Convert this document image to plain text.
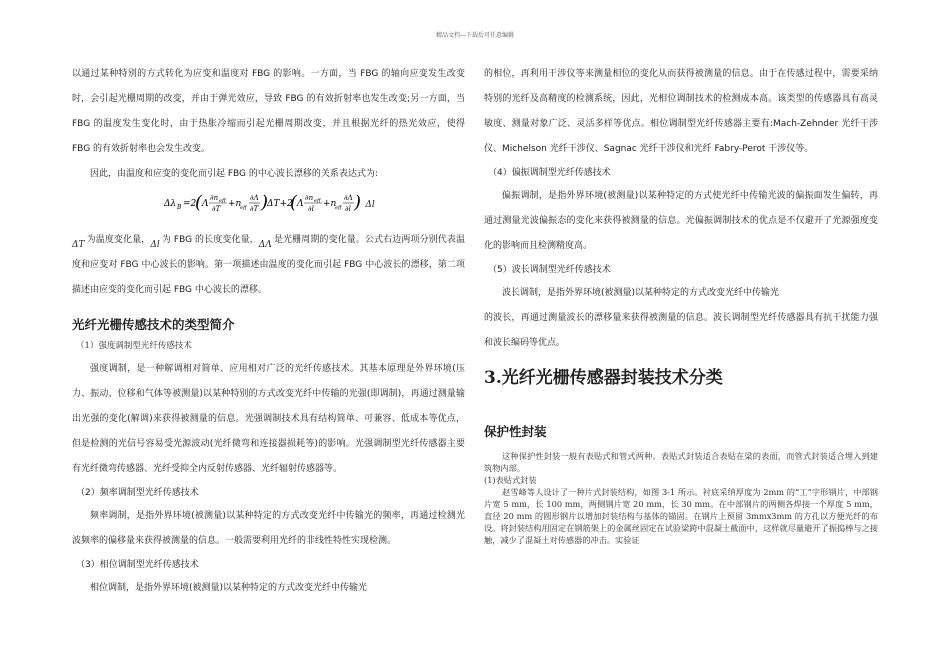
精品文档---下载后可任意编辑

以通过某种特别的方式转化为应变和温度对 FBG 的影响。一方面，当 FBG 的轴向应变发生改变时，会引起光栅周期的改变，并由于弹光效应，导致 FBG 的有效折射率也发生改变;另一方面，当 FBG 的温度发生变化时，由于热胀冷缩而引起光栅周期改变，并且根据光纤的热光效应，使得 FBG 的有效折射率也会发生改变。

因此，由温度和应变的变化而引起 FBG 的中心波长漂移的关系表达式为:

Δλ B =2
( Λ
∂n eff
∂T +n
eff
∂Λ
∂T )
ΔT+2
( Λ
∂n eff
∂l +n
eff
∂Λ
∂l ) Δl

ΔT 为温度变化量，Δl 为 FBG 的长度变化量，ΔΛ 是光栅周期的变化量。公式右边两项分别代表温度和应变对 FBG 中心波长的影响。第一项描述由温度的变化而引起 FBG 中心波长的漂移，第二项描述由应变的变化而引起 FBG 中心波长的漂移。

光纤光栅传感技术的类型简介

（1）强度调制型光纤传感技术

强度调制，是一种解调相对简单、应用相对广泛的光纤传感技术。其基本原理是外界环境(压力、振动、位移和气体等被测量)以某种特别的方式改变光纤中传输的光强(即调制)，再通过测量输出光强的变化(解调)来获得被测量的信息。光强调制技术具有结构简单、可兼容、低成本等优点，但是检测的光信号容易受光源波动(光纤微弯和连接器损耗等)的影响。光强调制型光纤传感器主要有光纤微弯传感器、光纤受抑全内反射传感器、光纤辐射传感器等。

（2）频率调制型光纤传感技术

频率调制，是指外界环境(被测量)以某种特定的方式改变光纤中传输光的频率，再通过检测光波频率的偏移量来获得被测量的信息。一般需要利用光纤的非线性特性实现检测。

（3）相位调制型光纤传感技术

相位调制，是指外界环境(被测量)以某种特定的方式改变光纤中传输光

的相位，再利用干涉仪等来测量相位的变化从而获得被测量的信息。由于在传感过程中，需要采纳特别的光纤及高精度的检测系统，因此，光相位调制技术的检测成本高。该类型的传感器具有高灵敏度、测量对象广泛、灵活多样等优点。相位调制型光纤传感器主要有:Mach-Zehnder 光纤干涉仪、Michelson 光纤干涉仪、Sagnac 光纤干涉仪和光纤 Fabry-Perot 干涉仪等。

（4）偏振调制型光纤传感技术

偏振调制，是指外界环境(被测量)以某种特定的方式使光纤中传输光波的偏振面发生偏转，再通过测量光波偏振态的变化来获得被测量的信息。光偏振调制技术的优点是不仅避开了光源强度变化的影响而且检测精度高。

（5）波长调制型光纤传感技术

波长调制，是指外界环境(被测量)以某种特定的方式改变光纤中传输光

的波长，再通过测量波长的漂移量来获得被测量的信息。波长调制型光纤传感器具有抗干扰能力强和波长编码等优点。

3.光纤光栅传感器封装技术分类

保护性封装

这种保护性封装一般有表贴式和管式两种。表贴式封装适合表贴在梁的表面，而管式封装适合埋入到建筑物内部。

(1)表贴式封装

赵雪峰等人设计了一种片式封装结构，如图 3-1 所示。衬底采纳厚度为 2mm 的“工”字形钢片，中部钢片宽 5 mm，长 100 mm，两侧钢片宽 20 mm，长 30 mm。在中部钢片的两侧各焊接一个厚度 5 mm，直径 20 mm 的圆形钢片以增加封装结构与基体的锚固。在钢片上预留 3mmx3mm 的方孔以方便光纤的布设。将封装结构用固定在钢筋架上的金属丝固定在试验梁跨中混凝土截面中，这样就尽量避开了振捣棒与之接触，减少了混凝土对传感器的冲击。实验证
